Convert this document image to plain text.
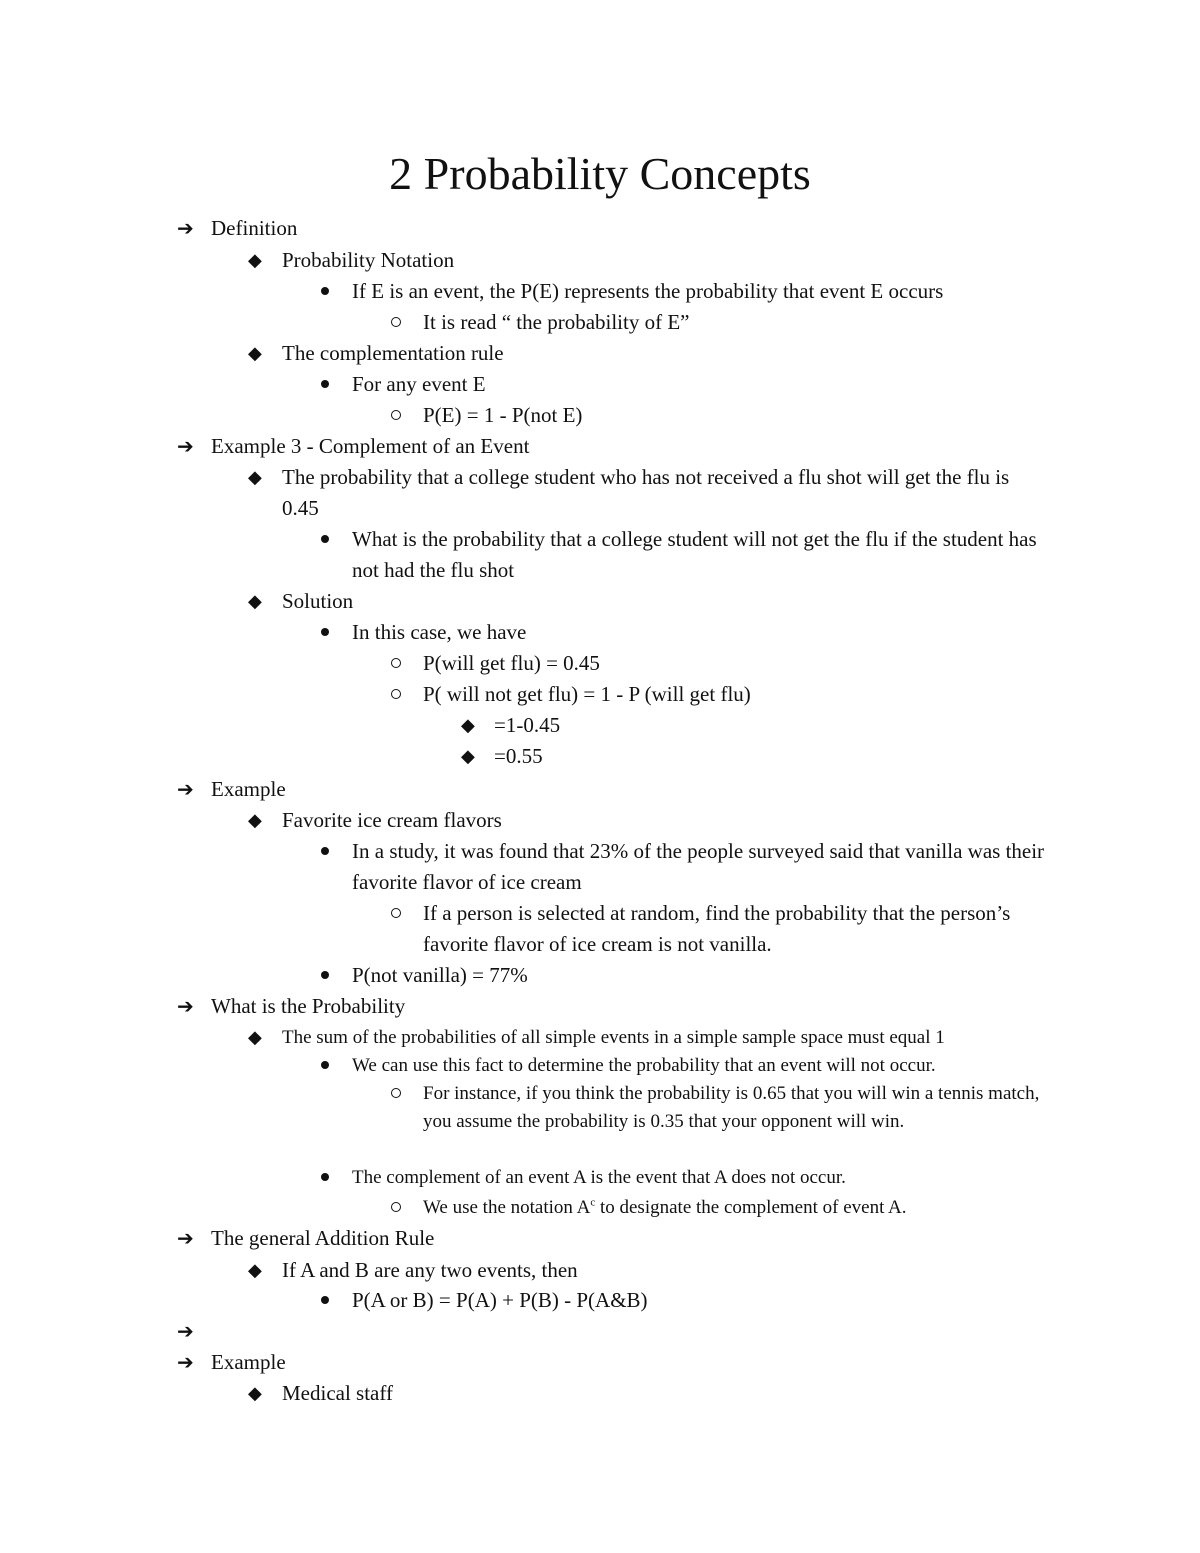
2 Probability Concepts
➔ Definition
◆ Probability Notation
If E is an event, the P(E) represents the probability that event E occurs
It is read “ the probability of E”
◆ The complementation rule
For any event E
P(E) = 1 - P(not E)
➔ Example 3 - Complement of an Event
◆ The probability that a college student who has not received a flu shot will get the flu is 0.45
What is the probability that a college student will not get the flu if the student has not had the flu shot
◆ Solution
In this case, we have
P(will get flu) = 0.45
P( will not get flu) = 1 - P (will get flu)
◆ =1-0.45
◆ =0.55
➔ Example
◆ Favorite ice cream flavors
In a study, it was found that 23% of the people surveyed said that vanilla was their favorite flavor of ice cream
If a person is selected at random, find the probability that the person’s favorite flavor of ice cream is not vanilla.
P(not vanilla) = 77%
➔ What is the Probability
◆	The sum of the probabilities of all simple events in a simple sample space must equal 1
We can use this fact to determine the probability that an event will not occur.
For instance, if you think the probability is 0.65 that you will win a tennis match, you assume the probability is 0.35 that your opponent will win.
The complement of an event A is the event that A does not occur.
We use the notation $A^c$ to designate the complement of event A.
➔ The general Addition Rule
◆ If A and B are any two events, then
P(A or B) = P(A) + P(B) - P(A&B)
➔
➔ Example
◆ Medical staff
